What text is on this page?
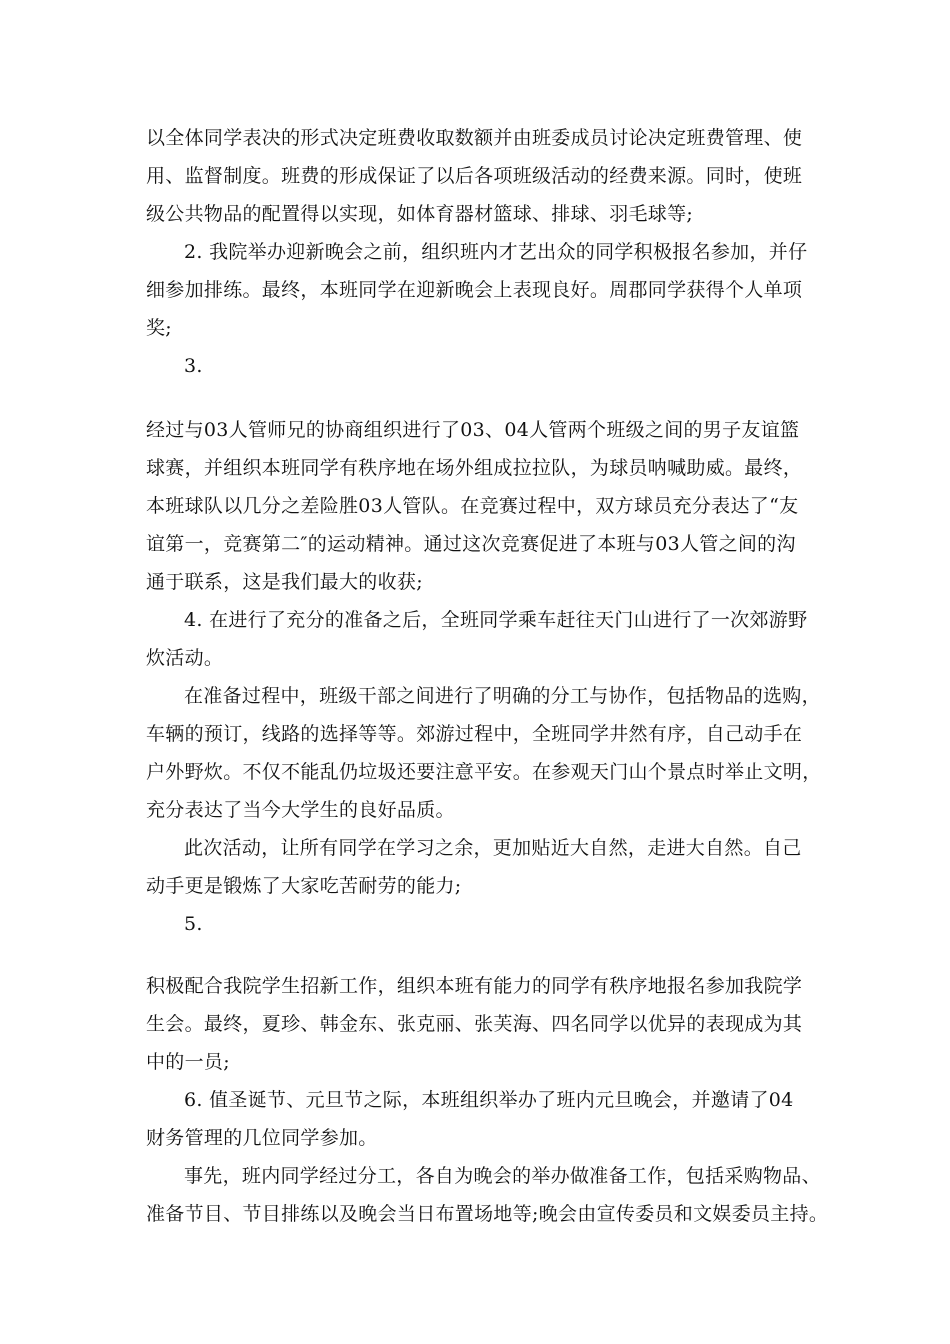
以全体同学表决的形式决定班费收取数额并由班委成员讨论决定班费管理、使
用、监督制度。班费的形成保证了以后各项班级活动的经费来源。同时，使班
级公共物品的配置得以实现，如体育器材篮球、排球、羽毛球等;
2. 我院举办迎新晚会之前，组织班内才艺出众的同学积极报名参加，并仔
细参加排练。最终，本班同学在迎新晚会上表现良好。周郡同学获得个人单项
奖;
3.
经过与03人管师兄的协商组织进行了03、04人管两个班级之间的男子友谊篮
球赛，并组织本班同学有秩序地在场外组成拉拉队，为球员呐喊助威。最终，
本班球队以几分之差险胜03人管队。在竞赛过程中，双方球员充分表达了“友
谊第一，竞赛第二″的运动精神。通过这次竞赛促进了本班与03人管之间的沟
通于联系，这是我们最大的收获;
4. 在进行了充分的准备之后，全班同学乘车赶往天门山进行了一次郊游野
炊活动。
在准备过程中，班级干部之间进行了明确的分工与协作，包括物品的选购，
车辆的预订，线路的选择等等。郊游过程中，全班同学井然有序，自己动手在
户外野炊。不仅不能乱仍垃圾还要注意平安。在参观天门山个景点时举止文明，
充分表达了当今大学生的良好品质。
此次活动，让所有同学在学习之余，更加贴近大自然，走进大自然。自己
动手更是锻炼了大家吃苦耐劳的能力;
5.
积极配合我院学生招新工作，组织本班有能力的同学有秩序地报名参加我院学
生会。最终，夏珍、韩金东、张克丽、张芙海、四名同学以优异的表现成为其
中的一员;
6. 值圣诞节、元旦节之际，本班组织举办了班内元旦晚会，并邀请了04
财务管理的几位同学参加。
事先，班内同学经过分工，各自为晚会的举办做准备工作，包括采购物品、
准备节目、节目排练以及晚会当日布置场地等;晚会由宣传委员和文娱委员主持。
